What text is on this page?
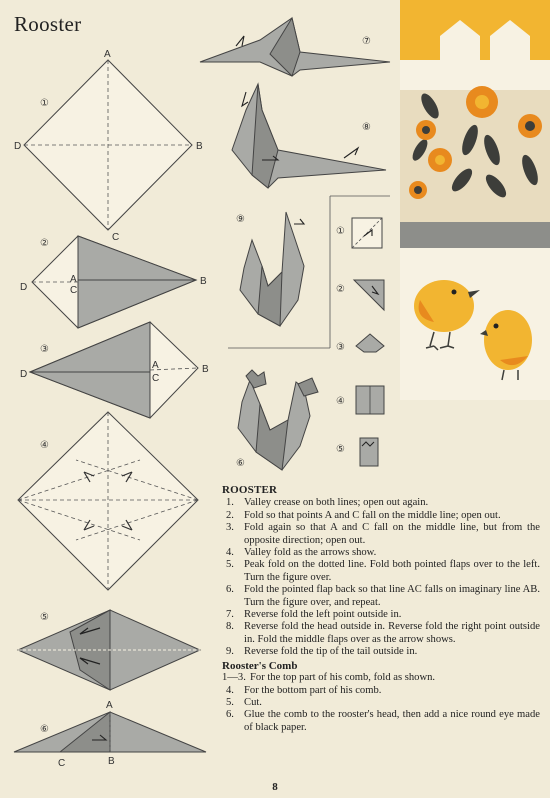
Rooster
①
A
B
C
D
②
A
C
B
D
③
A
C
B
D
④
⑤
⑥
A
C	B
⑦
⑧
⑨
⑥
①
②
③
④
⑤
ROOSTER
1. Valley crease on both lines; open out again.
2. Fold so that points A and C fall on the middle line; open out.
3. Fold again so that A and C fall on the middle line, but from the opposite direction; open out.
4. Valley fold as the arrows show.
5. Peak fold on the dotted line. Fold both pointed flaps over to the left. Turn the figure over.
6. Fold the pointed flap back so that line AC falls on imaginary line AB. Turn the figure over, and repeat.
7. Reverse fold the left point outside in.
8. Reverse fold the head outside in. Reverse fold the right point outside in. Fold the middle flaps over as the arrow shows.
9. Reverse fold the tip of the tail outside in.
Rooster's Comb
1—3. For the top part of his comb, fold as shown.
4. For the bottom part of his comb.
5. Cut.
6. Glue the comb to the rooster's head, then add a nice round eye made of black paper.
8
